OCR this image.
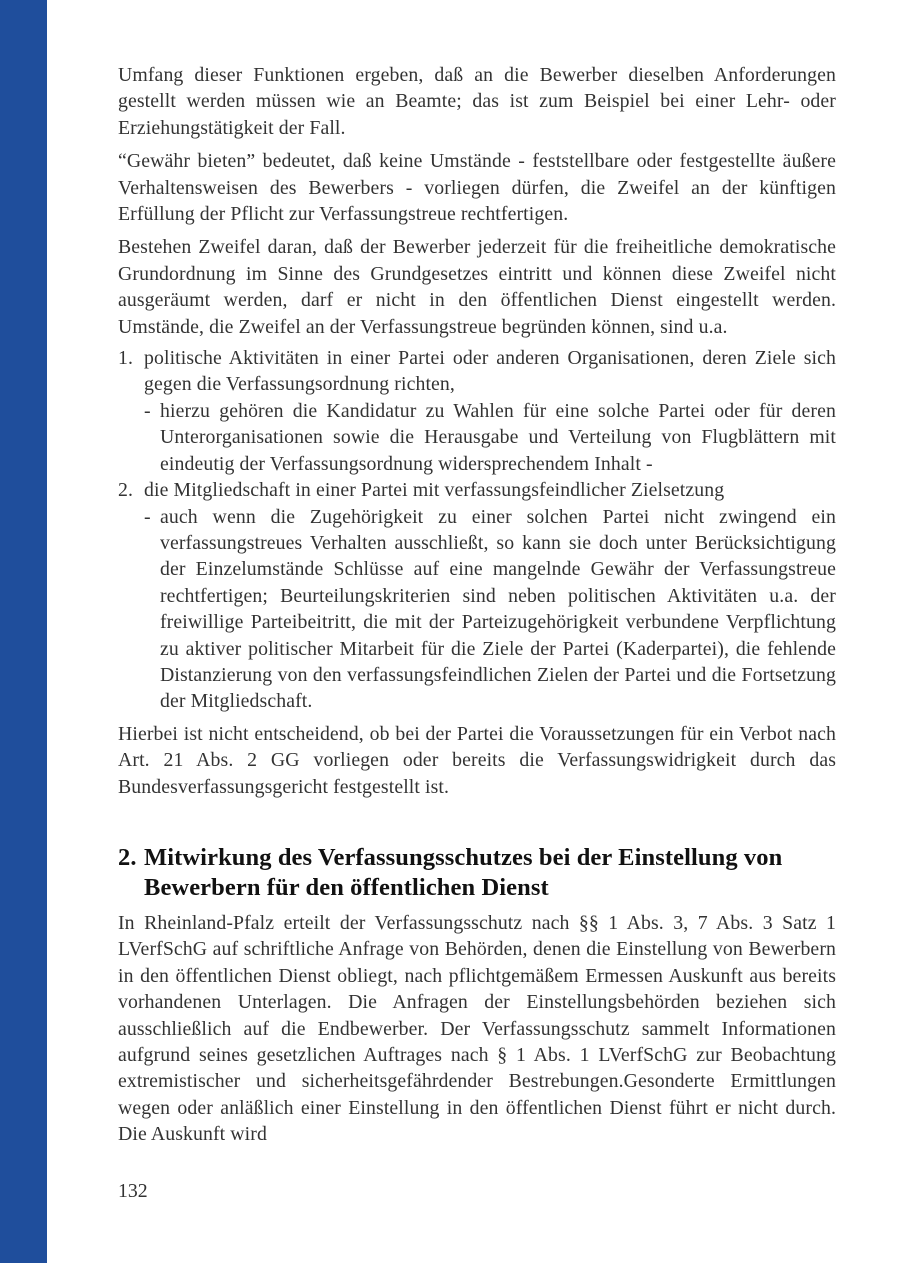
Umfang dieser Funktionen ergeben, daß an die Bewerber dieselben Anforderungen gestellt werden müssen wie an Beamte; das ist zum Beispiel bei einer Lehr- oder Erziehungstätigkeit der Fall.

“Gewähr bieten” bedeutet, daß keine Umstände - feststellbare oder festgestellte äußere Verhaltensweisen des Bewerbers - vorliegen dürfen, die Zweifel an der künftigen Erfüllung der Pflicht zur Verfassungstreue rechtfertigen.

Bestehen Zweifel daran, daß der Bewerber jederzeit für die freiheitliche demokratische Grundordnung im Sinne des Grundgesetzes eintritt und können diese Zweifel nicht ausgeräumt werden, darf er nicht in den öffentlichen Dienst eingestellt werden. Umstände, die Zweifel an der Verfassungstreue begründen können, sind u.a.

1. politische Aktivitäten in einer Partei oder anderen Organisationen, deren Ziele sich gegen die Verfassungsordnung richten,
- hierzu gehören die Kandidatur zu Wahlen für eine solche Partei oder für deren Unterorganisationen sowie die Herausgabe und Verteilung von Flugblättern mit eindeutig der Verfassungsordnung widersprechendem Inhalt -
2. die Mitgliedschaft in einer Partei mit verfassungsfeindlicher Zielsetzung
- auch wenn die Zugehörigkeit zu einer solchen Partei nicht zwingend ein verfassungstreues Verhalten ausschließt, so kann sie doch unter Berücksichtigung der Einzelumstände Schlüsse auf eine mangelnde Gewähr der Verfassungstreue rechtfertigen; Beurteilungskriterien sind neben politischen Aktivitäten u.a. der freiwillige Parteibeitritt, die mit der Parteizugehörigkeit verbundene Verpflichtung zu aktiver politischer Mitarbeit für die Ziele der Partei (Kaderpartei), die fehlende Distanzierung von den verfassungsfeindlichen Zielen der Partei und die Fortsetzung der Mitgliedschaft.

Hierbei ist nicht entscheidend, ob bei der Partei die Voraussetzungen für ein Verbot nach Art. 21 Abs. 2 GG vorliegen oder bereits die Verfassungswidrigkeit durch das Bundesverfassungsgericht festgestellt ist.

2. Mitwirkung des Verfassungsschutzes bei der Einstellung von Bewerbern für den öffentlichen Dienst

In Rheinland-Pfalz erteilt der Verfassungsschutz nach §§ 1 Abs. 3, 7 Abs. 3 Satz 1 LVerfSchG auf schriftliche Anfrage von Behörden, denen die Einstellung von Bewerbern in den öffentlichen Dienst obliegt, nach pflichtgemäßem Ermessen Auskunft aus bereits vorhandenen Unterlagen. Die Anfragen der Einstellungsbehörden beziehen sich ausschließlich auf die Endbewerber. Der Verfassungsschutz sammelt Informationen aufgrund seines gesetzlichen Auftrages nach § 1 Abs. 1 LVerfSchG zur Beobachtung extremistischer und sicherheitsgefährdender Bestrebungen.Gesonderte Ermittlungen wegen oder anläßlich einer Einstellung in den öffentlichen Dienst führt er nicht durch. Die Auskunft wird

132
